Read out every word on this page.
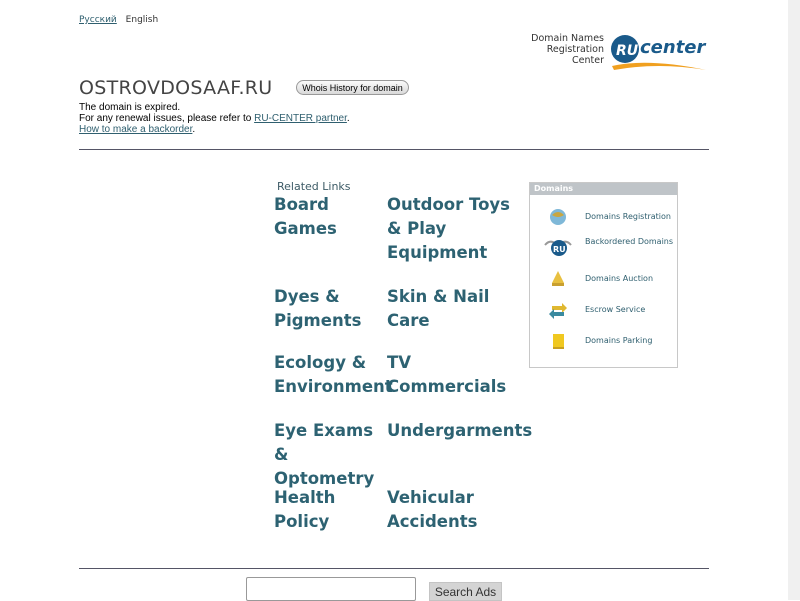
Русский English
Domain Names
Registration
Center
RU center
OSTROVDOSAAF.RU	Whois History for domain
The domain is expired.
For any renewal issues, please refer to RU-CENTER partner.
How to make a backorder.
Related Links
Board Games
Outdoor Toys & Play Equipment
Dyes & Pigments
Skin & Nail Care
Ecology & Environment
TV Commercials
Eye Exams & Optometry
Undergarments
Health Policy
Vehicular Accidents
Domains
Domains Registration
RU
Backordered Domains
Domains Auction
Escrow Service
Domains Parking
Search Ads
